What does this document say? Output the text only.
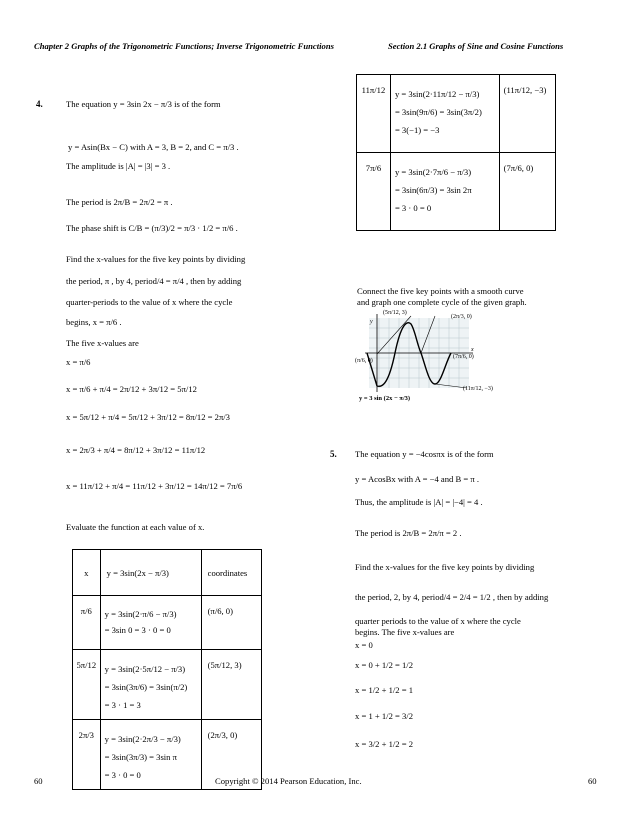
Chapter 2 Graphs of the Trigonometric Functions; Inverse Trigonometric Functions	Section 2.1 Graphs of Sine and Cosine Functions
4.	The equation y = 3sin 2x − π/3 is of the form
y = Asin(Bx − C) with A = 3, B = 2, and C = π/3 .
The amplitude is |A| = |3| = 3 .
The period is 2π/B = 2π/2 = π .
The phase shift is C/B = (π/3)/2 = π/3 · 1/2 = π/6 .
Find the x-values for the five key points by dividing
the period, π , by 4, period/4 = π/4 , then by adding
quarter-periods to the value of x where the cycle
begins, x = π/6 .
The five x-values are
x = π/6
x = π/6 + π/4 = 2π/12 + 3π/12 = 5π/12
x = 5π/12 + π/4 = 5π/12 + 3π/12 = 8π/12 = 2π/3
x = 2π/3 + π/4 = 8π/12 + 3π/12 = 11π/12
x = 11π/12 + π/4 = 11π/12 + 3π/12 = 14π/12 = 7π/6
Evaluate the function at each value of x.
x	y = 3sin(2x − π/3)	coordinates
π/6	y = 3sin(2·π/6 − π/3)
= 3sin 0 = 3 · 0 = 0	(π/6, 0)
5π/12	y = 3sin(2·5π/12 − π/3)
= 3sin(3π/6) = 3sin(π/2)
= 3 · 1 = 3	(5π/12, 3)
2π/3	y = 3sin(2·2π/3 − π/3)
= 3sin(3π/3) = 3sin π
= 3 · 0 = 0	(2π/3, 0)
11π/12	y = 3sin(2·11π/12 − π/3)
= 3sin(9π/6) = 3sin(3π/2)
= 3(−1) = −3	(11π/12, −3)
7π/6	y = 3sin(2·7π/6 − π/3)
= 3sin(6π/3) = 3sin 2π
= 3 · 0 = 0	(7π/6, 0)
Connect the five key points with a smooth curve
and graph one complete cycle of the given graph.
x
y
(5π/12, 3)
(2π/3, 0)
(π/6, 0)
(7π/6, 0)
(11π/12, −3)
y = 3 sin (2x − π/3)
5. The equation y = −4cosπx is of the form
y = AcosBx with A = −4 and B = π .
Thus, the amplitude is |A| = |−4| = 4 .
The period is 2π/B = 2π/π = 2 .
Find the x-values for the five key points by dividing
the period, 2, by 4, period/4 = 2/4 = 1/2 , then by adding
quarter periods to the value of x where the cycle
begins. The five x-values are
x = 0
x = 0 + 1/2 = 1/2
x = 1/2 + 1/2 = 1
x = 1 + 1/2 = 3/2
x = 3/2 + 1/2 = 2
60	Copyright © 2014 Pearson Education, Inc.	60
